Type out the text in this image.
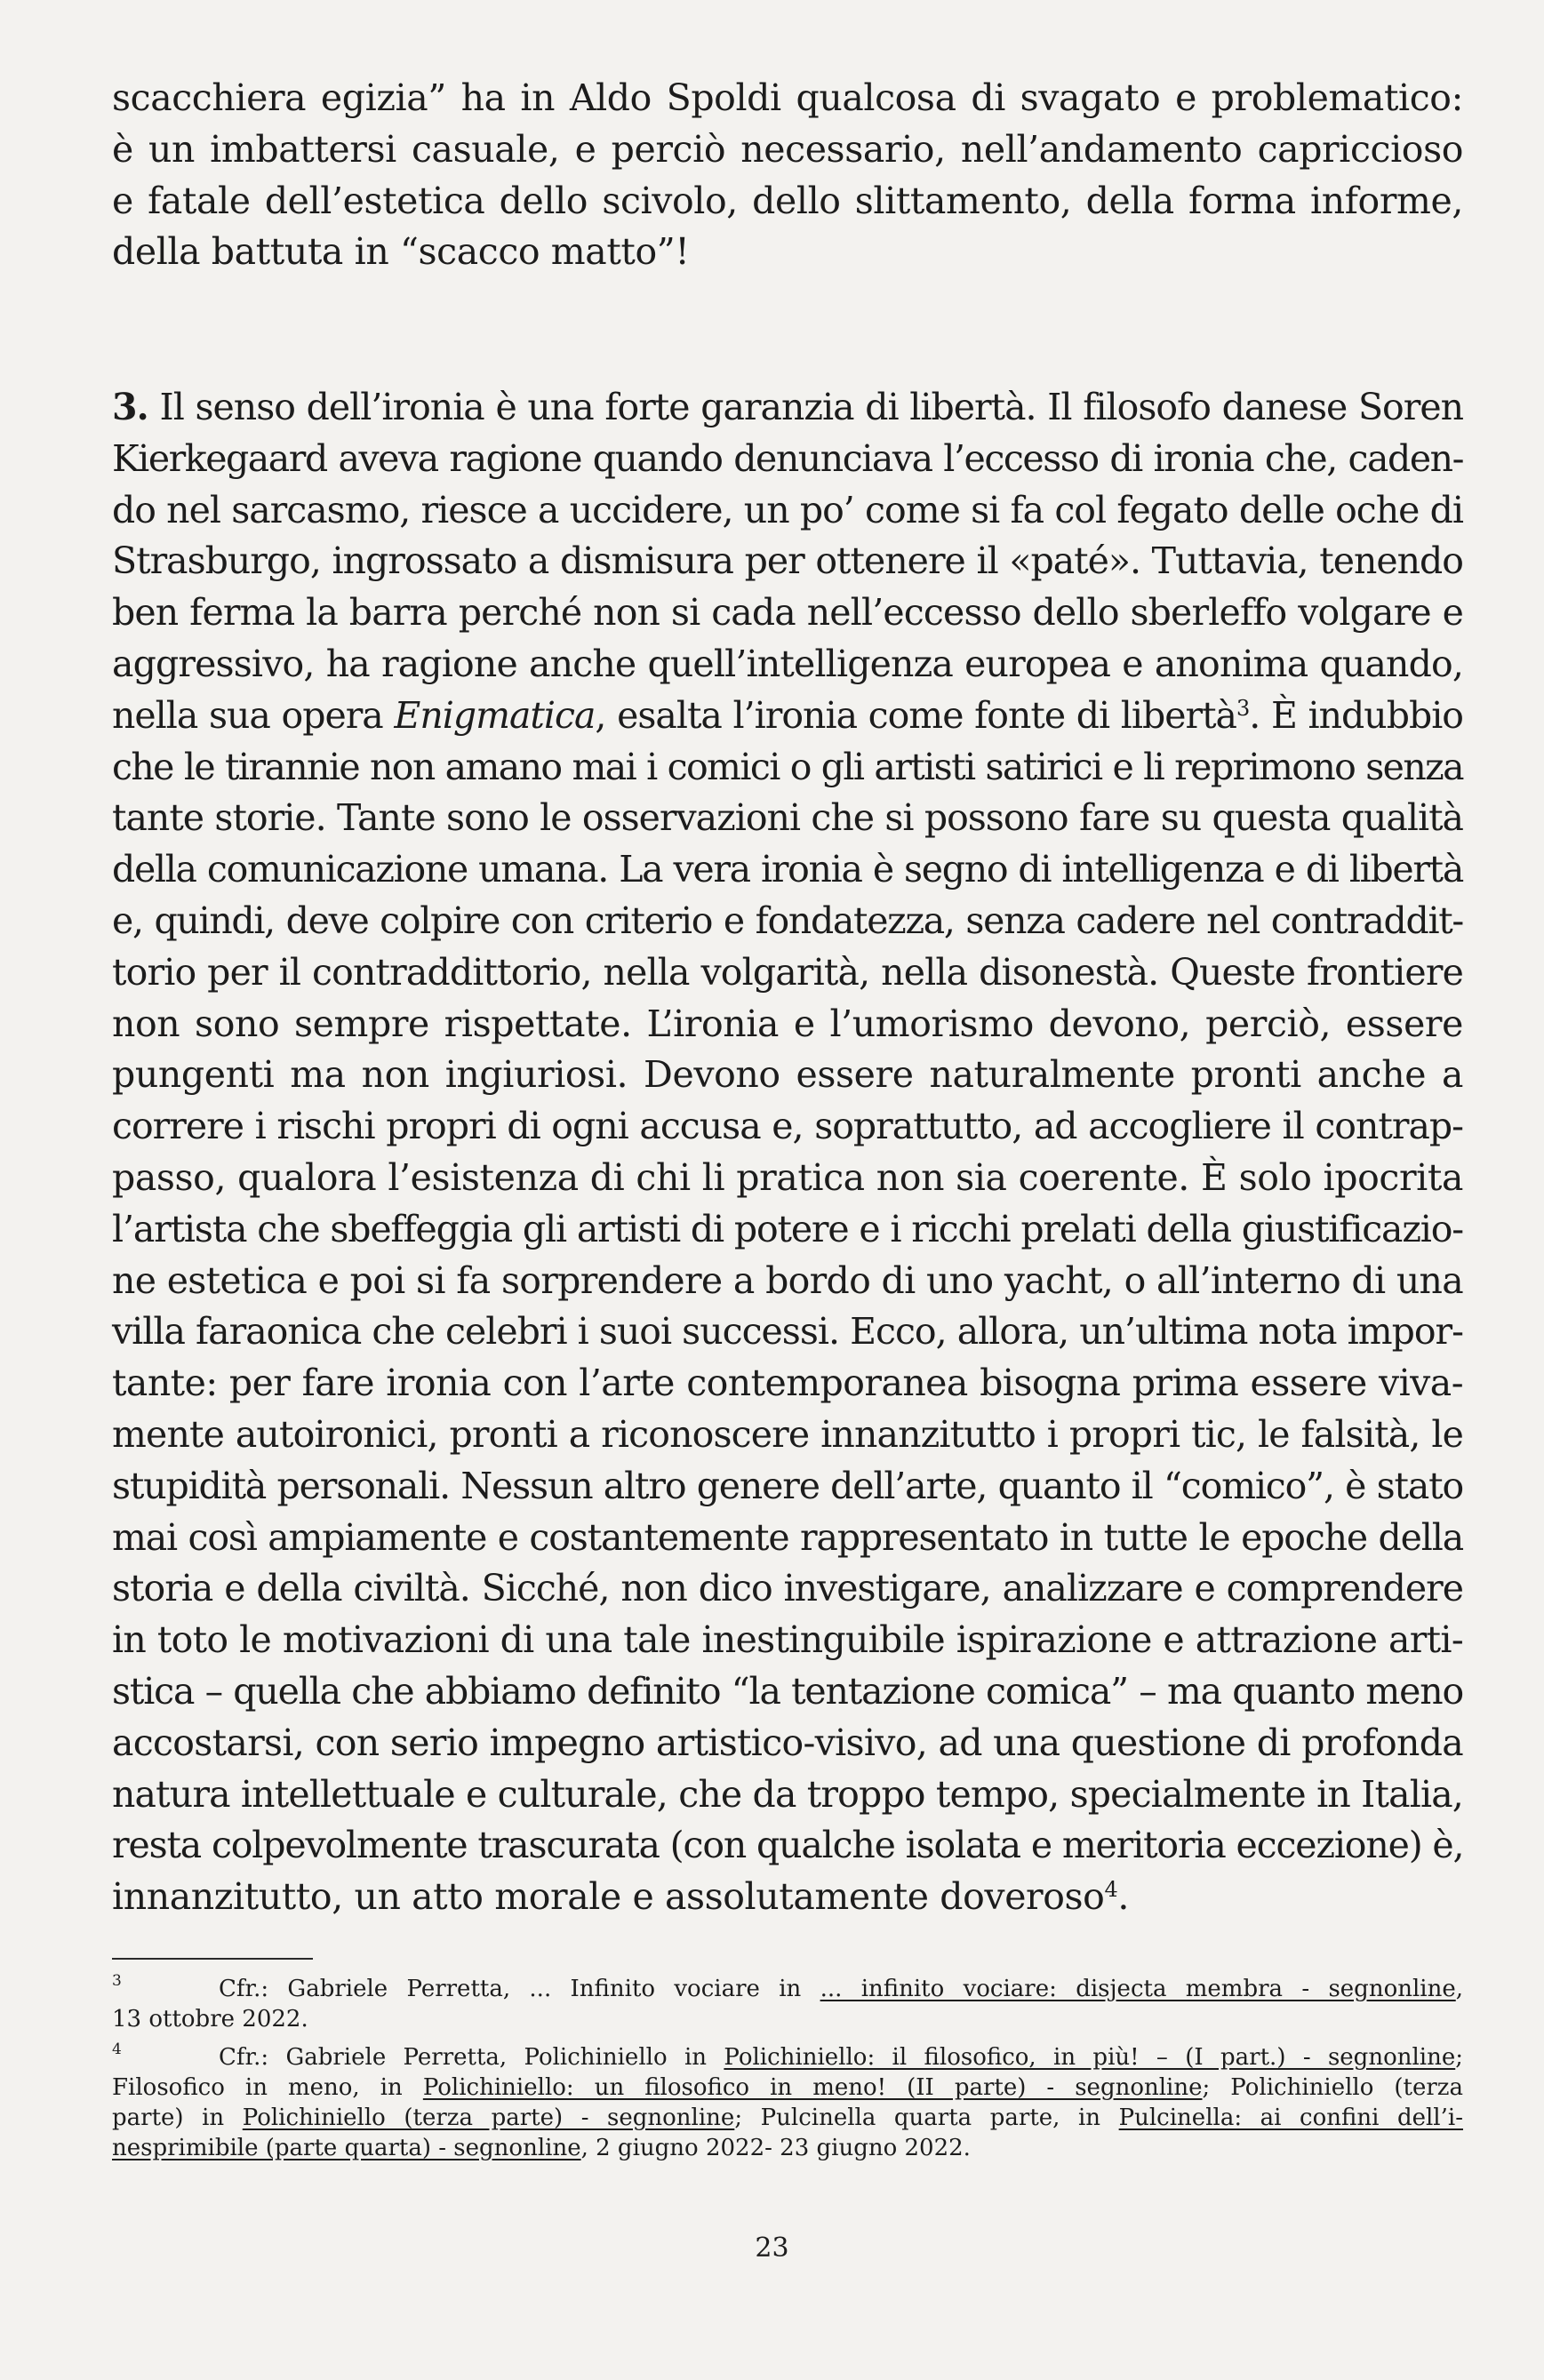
scacchiera egizia” ha in Aldo Spoldi qualcosa di svagato e problematico:
è un imbattersi casuale, e perciò necessario, nell’andamento capriccioso
e fatale dell’estetica dello scivolo, dello slittamento, della forma informe,
della battuta in “scacco matto”!
3. Il senso dell’ironia è una forte garanzia di libertà. Il filosofo danese Soren
Kierkegaard aveva ragione quando denunciava l’eccesso di ironia che, caden-
do nel sarcasmo, riesce a uccidere, un po’ come si fa col fegato delle oche di
Strasburgo, ingrossato a dismisura per ottenere il «paté». Tuttavia, tenendo
ben ferma la barra perché non si cada nell’eccesso dello sberleffo volgare e
aggressivo, ha ragione anche quell’intelligenza europea e anonima quando,
nella sua opera Enigmatica, esalta l’ironia come fonte di libertà$^3$. È indubbio
che le tirannie non amano mai i comici o gli artisti satirici e li reprimono senza
tante storie. Tante sono le osservazioni che si possono fare su questa qualità
della comunicazione umana. La vera ironia è segno di intelligenza e di libertà
e, quindi, deve colpire con criterio e fondatezza, senza cadere nel contraddit-
torio per il contraddittorio, nella volgarità, nella disonestà. Queste frontiere
non sono sempre rispettate. L’ironia e l’umorismo devono, perciò, essere
pungenti ma non ingiuriosi. Devono essere naturalmente pronti anche a
correre i rischi propri di ogni accusa e, soprattutto, ad accogliere il contrap-
passo, qualora l’esistenza di chi li pratica non sia coerente. È solo ipocrita
l’artista che sbeffeggia gli artisti di potere e i ricchi prelati della giustificazio-
ne estetica e poi si fa sorprendere a bordo di uno yacht, o all’interno di una
villa faraonica che celebri i suoi successi. Ecco, allora, un’ultima nota impor-
tante: per fare ironia con l’arte contemporanea bisogna prima essere viva-
mente autoironici, pronti a riconoscere innanzitutto i propri tic, le falsità, le
stupidità personali. Nessun altro genere dell’arte, quanto il “comico”, è stato
mai così ampiamente e costantemente rappresentato in tutte le epoche della
storia e della civiltà. Sicché, non dico investigare, analizzare e comprendere
in toto le motivazioni di una tale inestinguibile ispirazione e attrazione arti-
stica – quella che abbiamo definito “la tentazione comica” – ma quanto meno
accostarsi, con serio impegno artistico-visivo, ad una questione di profonda
natura intellettuale e culturale, che da troppo tempo, specialmente in Italia,
resta colpevolmente trascurata (con qualche isolata e meritoria eccezione) è,
innanzitutto, un atto morale e assolutamente doveroso$^4$.
3	Cfr.: Gabriele Perretta, ... Infinito vociare in ... infinito vociare: disjecta membra - segnonline,
13 ottobre 2022.
4	Cfr.: Gabriele Perretta, Polichiniello in Polichiniello: il filosofico, in più! – (I part.) - segnonline;
Filosofico in meno, in Polichiniello: un filosofico in meno! (II parte) - segnonline; Polichiniello (terza
parte) in Polichiniello (terza parte) - segnonline; Pulcinella quarta parte, in Pulcinella: ai confini dell’i-
nesprimibile (parte quarta) - segnonline, 2 giugno 2022- 23 giugno 2022.
23
